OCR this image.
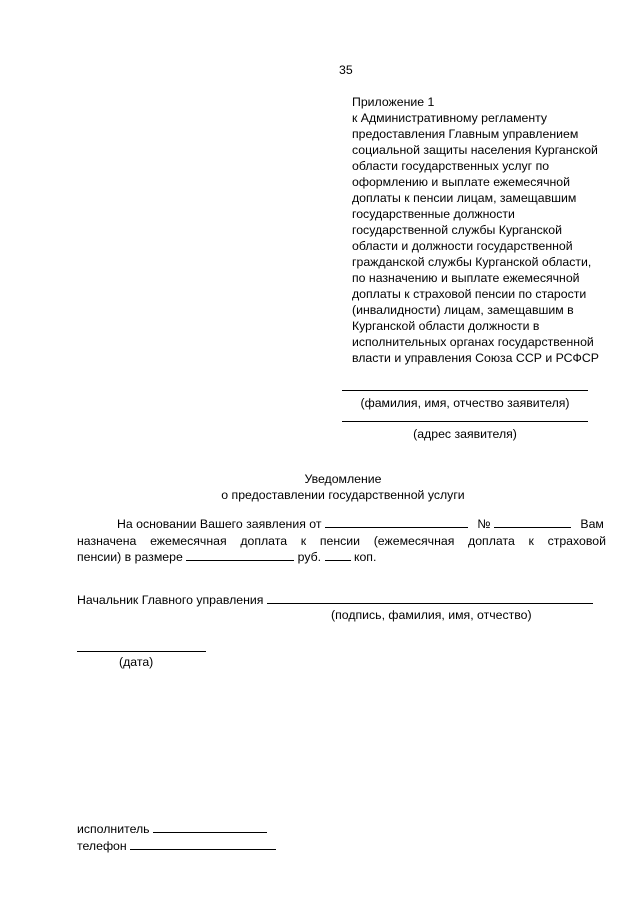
35
Приложение 1
к Административному регламенту
предоставления Главным управлением
социальной защиты населения Курганской
области государственных услуг по
оформлению и выплате ежемесячной
доплаты к пенсии лицам, замещавшим
государственные должности
государственной службы Курганской
области и должности государственной
гражданской службы Курганской области,
по назначению и выплате ежемесячной
доплаты к страховой пенсии по старости
(инвалидности) лицам, замещавшим в
Курганской области должности в
исполнительных органах государственной
власти и управления Союза ССР и РСФСР
(фамилия, имя, отчество заявителя)
(адрес заявителя)
Уведомление
о предоставлении государственной услуги
На основании Вашего заявления от	№	Вам
назначена ежемесячная доплата к пенсии (ежемесячная доплата к страховой
пенсии) в размере	руб.	коп.
Начальник Главного управления
(подпись, фамилия, имя, отчество)
(дата)
исполнитель
телефон
